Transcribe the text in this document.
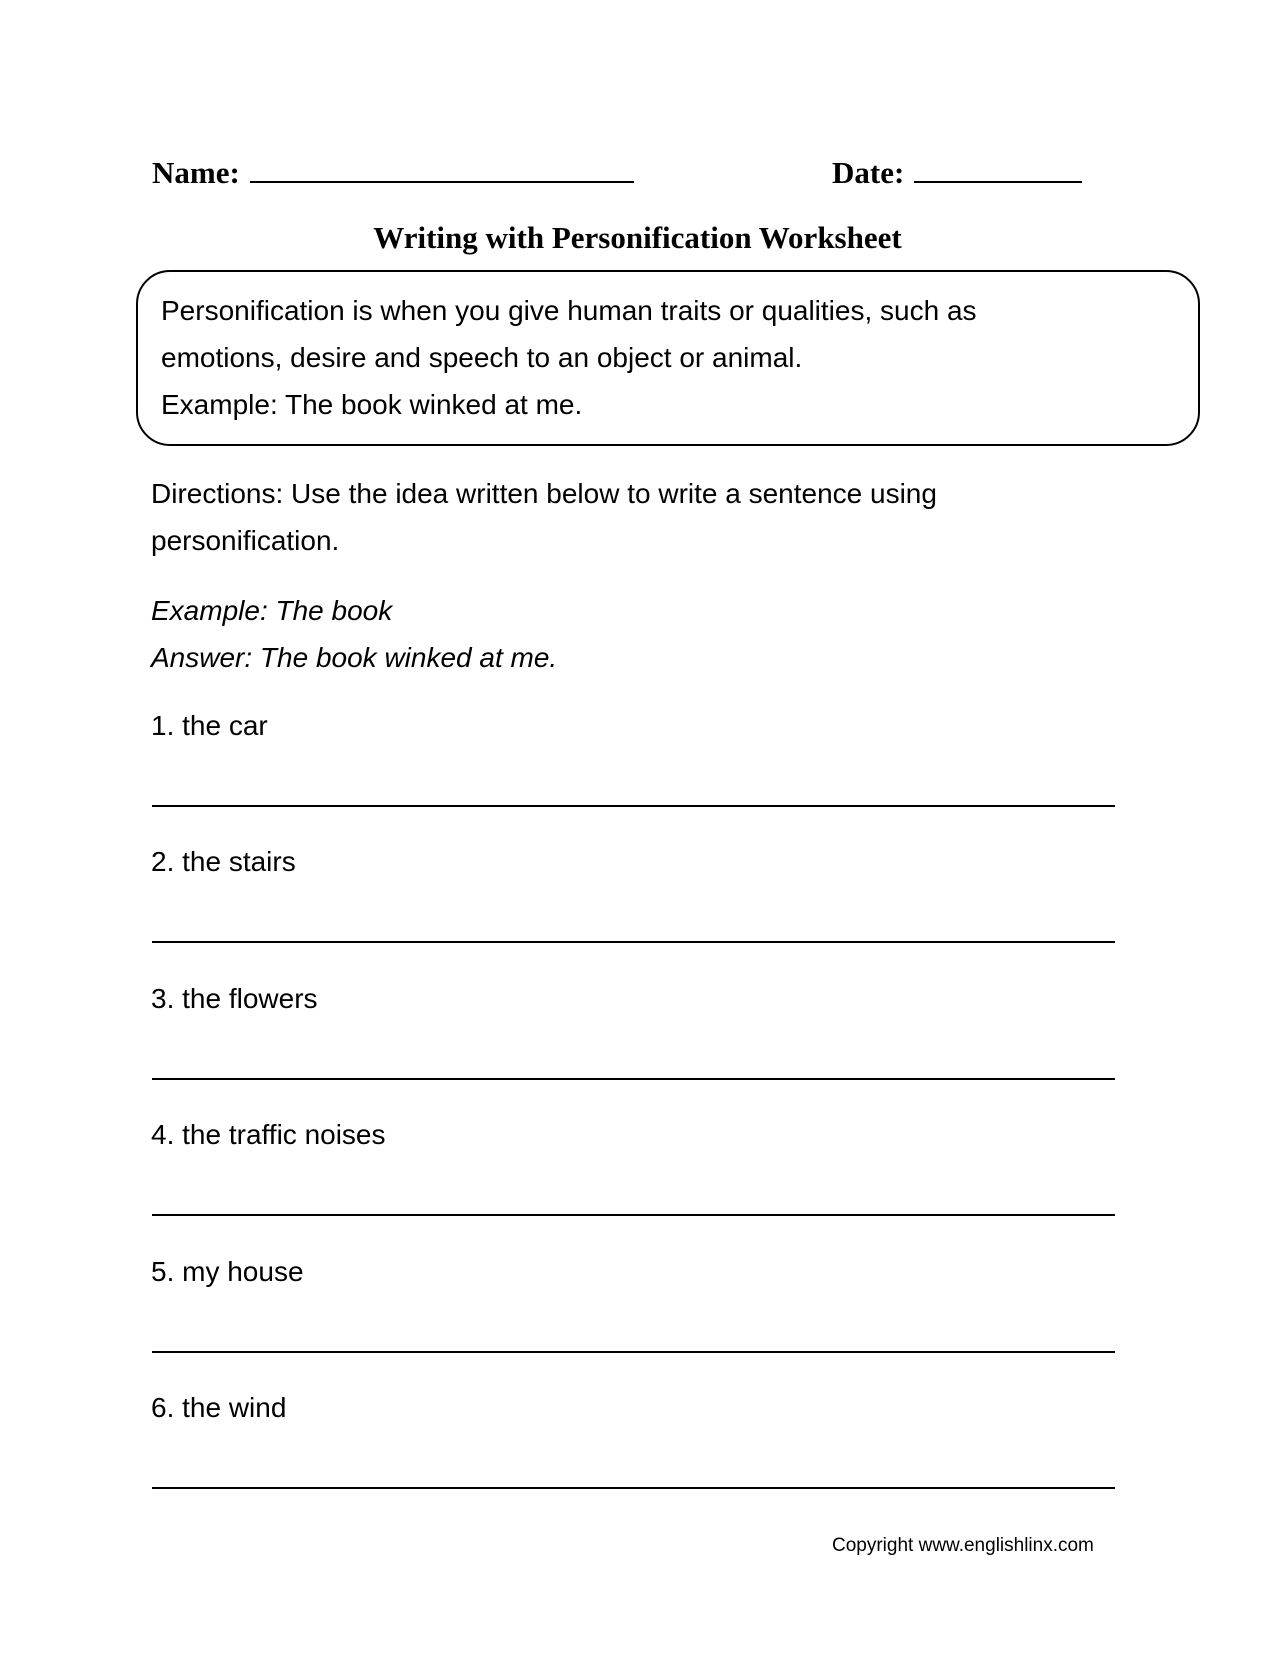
Name:	Date:
Writing with Personification Worksheet
Personification is when you give human traits or qualities, such as
emotions, desire and speech to an object or animal.
Example: The book winked at me.
Directions: Use the idea written below to write a sentence using
personification.
Example: The book
Answer: The book winked at me.
1. the car
2. the stairs
3. the flowers
4. the traffic noises
5. my house
6. the wind
Copyright www.englishlinx.com
